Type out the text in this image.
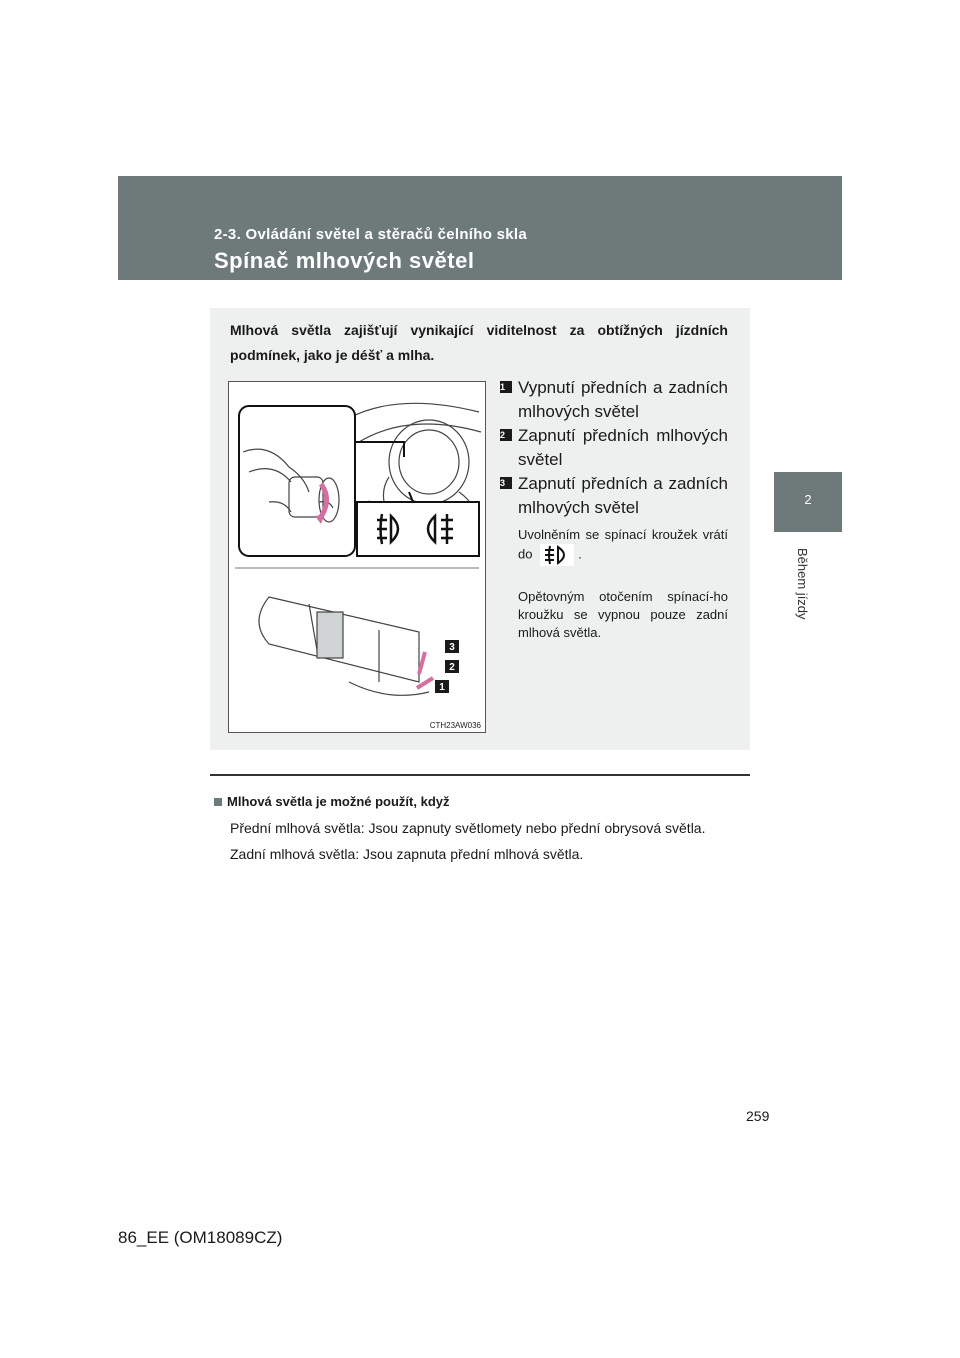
2-3. Ovládání světel a stěračů čelního skla
Spínač mlhových světel
2
Během jízdy
Mlhová světla zajišťují vynikající viditelnost za obtížných jízdních podmínek, jako je déšť a mlha.
3
2
1
CTH23AW036
1 Vypnutí předních a zadních mlhových světel
2 Zapnutí předních mlhových světel
3 Zapnutí předních a zadních mlhových světel
Uvolněním se spínací kroužek vrátí do	.
Opětovným otočením spínací-ho kroužku se vypnou pouze zadní mlhová světla.
Mlhová světla je možné použít, když
Přední mlhová světla: Jsou zapnuty světlomety nebo přední obrysová světla.
Zadní mlhová světla: Jsou zapnuta přední mlhová světla.
259
86_EE (OM18089CZ)
